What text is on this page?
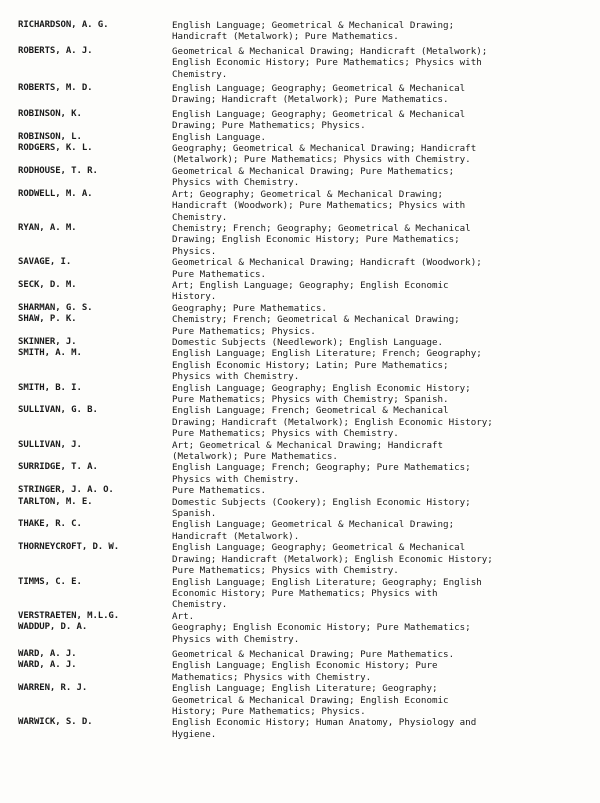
RICHARDSON, A. G.	English Language; Geometrical & Mechanical Drawing;
Handicraft (Metalwork); Pure Mathematics.
ROBERTS, A. J.	Geometrical & Mechanical Drawing; Handicraft (Metalwork);
English Economic History; Pure Mathematics; Physics with
Chemistry.
ROBERTS, M. D.	English Language; Geography; Geometrical & Mechanical
Drawing; Handicraft (Metalwork); Pure Mathematics.
ROBINSON, K.	English Language; Geography; Geometrical & Mechanical
Drawing; Pure Mathematics; Physics.
ROBINSON, L.	English Language.
RODGERS, K. L.	Geography; Geometrical & Mechanical Drawing; Handicraft
(Metalwork); Pure Mathematics; Physics with Chemistry.
RODHOUSE, T. R.	Geometrical & Mechanical Drawing; Pure Mathematics;
Physics with Chemistry.
RODWELL, M. A.	Art; Geography; Geometrical & Mechanical Drawing;
Handicraft (Woodwork); Pure Mathematics; Physics with
Chemistry.
RYAN, A. M.	Chemistry; French; Geography; Geometrical & Mechanical
Drawing; English Economic History; Pure Mathematics;
Physics.
SAVAGE, I.	Geometrical & Mechanical Drawing; Handicraft (Woodwork);
Pure Mathematics.
SECK, D. M.	Art; English Language; Geography; English Economic
History.
SHARMAN, G. S.	Geography; Pure Mathematics.
SHAW, P. K.	Chemistry; French; Geometrical & Mechanical Drawing;
Pure Mathematics; Physics.
SKINNER, J.	Domestic Subjects (Needlework); English Language.
SMITH, A. M.	English Language; English Literature; French; Geography;
English Economic History; Latin; Pure Mathematics;
Physics with Chemistry.
SMITH, B. I.	English Language; Geography; English Economic History;
Pure Mathematics; Physics with Chemistry; Spanish.
SULLIVAN, G. B.	English Language; French; Geometrical & Mechanical
Drawing; Handicraft (Metalwork); English Economic History;
Pure Mathematics; Physics with Chemistry.
SULLIVAN, J.	Art; Geometrical & Mechanical Drawing; Handicraft
(Metalwork); Pure Mathematics.
SURRIDGE, T. A.	English Language; French; Geography; Pure Mathematics;
Physics with Chemistry.
STRINGER, J. A. O.	Pure Mathematics.
TARLTON, M. E.	Domestic Subjects (Cookery); English Economic History;
Spanish.
THAKE, R. C.	English Language; Geometrical & Mechanical Drawing;
Handicraft (Metalwork).
THORNEYCROFT, D. W.	English Language; Geography; Geometrical & Mechanical
Drawing; Handicraft (Metalwork); English Economic History;
Pure Mathematics; Physics with Chemistry.
TIMMS, C. E.	English Language; English Literature; Geography; English
Economic History; Pure Mathematics; Physics with
Chemistry.
VERSTRAETEN, M.L.G.	Art.
WADDUP, D. A.	Geography; English Economic History; Pure Mathematics;
Physics with Chemistry.
WARD, A. J.	Geometrical & Mechanical Drawing; Pure Mathematics.
WARD, A. J.	English Language; English Economic History; Pure
Mathematics; Physics with Chemistry.
WARREN, R. J.	English Language; English Literature; Geography;
Geometrical & Mechanical Drawing; English Economic
History; Pure Mathematics; Physics.
WARWICK, S. D.	English Economic History; Human Anatomy, Physiology and
Hygiene.
